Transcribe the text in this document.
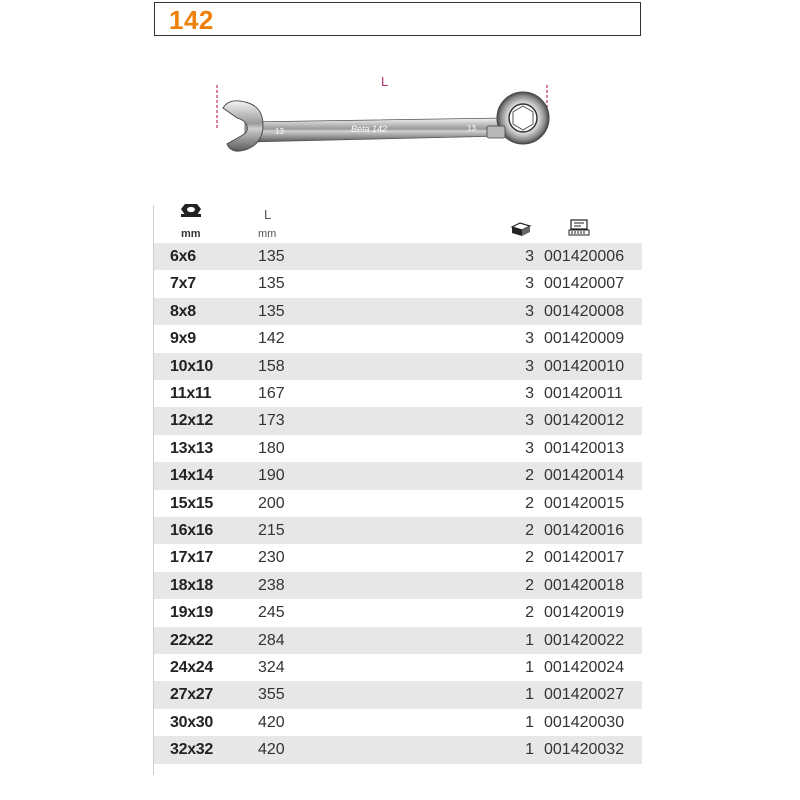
142
L
13	Beta 142	13
mm
L
mm
6x6	135	3 001420006
7x7	135	3 001420007
8x8	135	3 001420008
9x9	142	3 001420009
10x10	158	3 001420010
11x11	167	3 001420011
12x12	173	3 001420012
13x13	180	3 001420013
14x14	190	2 001420014
15x15	200	2 001420015
16x16	215	2 001420016
17x17	230	2 001420017
18x18	238	2 001420018
19x19	245	2 001420019
22x22	284	1 001420022
24x24	324	1 001420024
27x27	355	1 001420027
30x30	420	1 001420030
32x32	420	1 001420032
